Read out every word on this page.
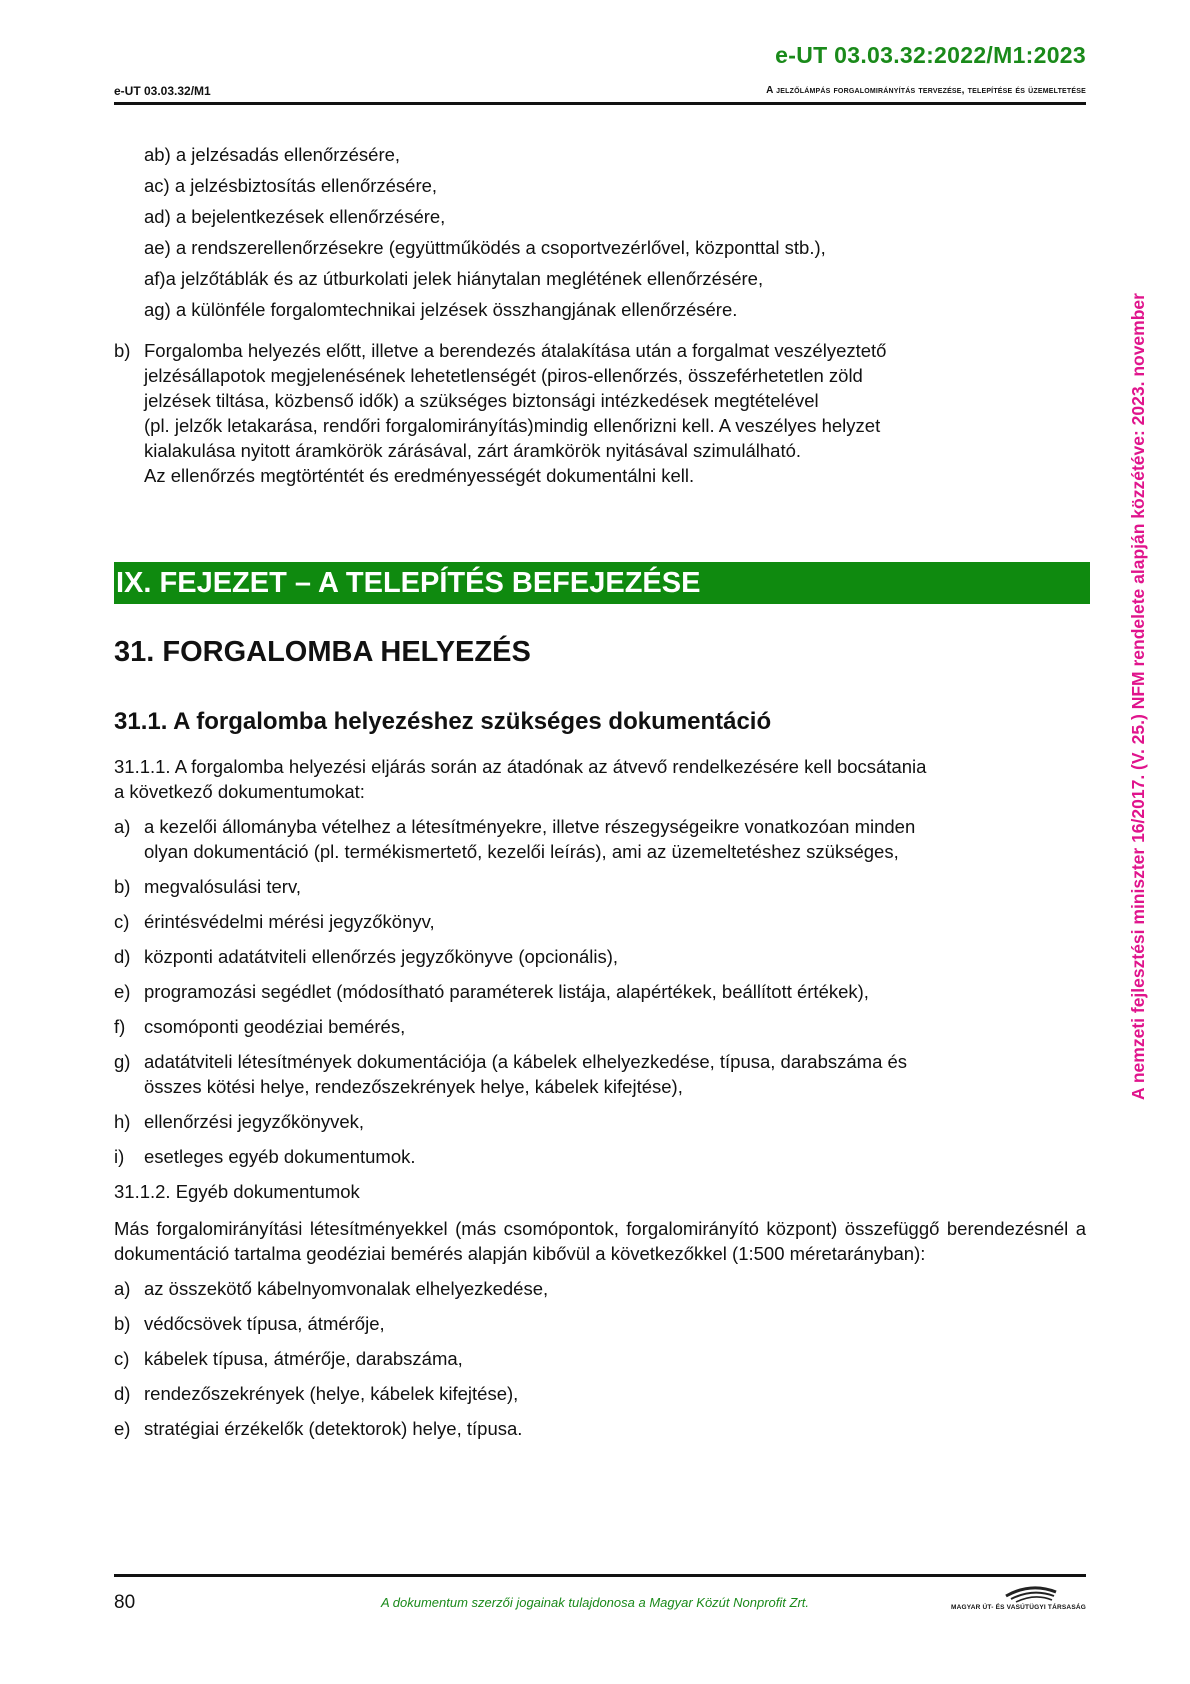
e-UT 03.03.32:2022/M1:2023
e-UT 03.03.32/M1	A jelzőlámpás forgalomirányítás tervezése, telepítése és üzemeltetése
A nemzeti fejlesztési miniszter 16/2017. (V. 25.) NFM rendelete alapján közzétéve: 2023. november
ab) a jelzésadás ellenőrzésére,
ac) a jelzésbiztosítás ellenőrzésére,
ad) a bejelentkezések ellenőrzésére,
ae) a rendszerellenőrzésekre (együttműködés a csoportvezérlővel, központtal stb.),
af)a jelzőtáblák és az útburkolati jelek hiánytalan meglétének ellenőrzésére,
ag) a különféle forgalomtechnikai jelzések összhangjának ellenőrzésére.
b) Forgalomba helyezés előtt, illetve a berendezés átalakítása után a forgalmat veszélyeztető
jelzésállapotok megjelenésének lehetetlenségét (piros-ellenőrzés, összeférhetetlen zöld
jelzések tiltása, közbenső idők) a szükséges biztonsági intézkedések megtételével
(pl. jelzők letakarása, rendőri forgalomirányítás)mindig ellenőrizni kell. A veszélyes helyzet
kialakulása nyitott áramkörök zárásával, zárt áramkörök nyitásával szimulálható.
Az ellenőrzés megtörténtét és eredményességét dokumentálni kell.
IX. FEJEZET – A TELEPÍTÉS BEFEJEZÉSE
31. FORGALOMBA HELYEZÉS
31.1. A forgalomba helyezéshez szükséges dokumentáció
31.1.1. A forgalomba helyezési eljárás során az átadónak az átvevő rendelkezésére kell bocsátania
a következő dokumentumokat:
a) a kezelői állományba vételhez a létesítményekre, illetve részegységeikre vonatkozóan minden
olyan dokumentáció (pl. termékismertető, kezelői leírás), ami az üzemeltetéshez szükséges,
b) megvalósulási terv,
c) érintésvédelmi mérési jegyzőkönyv,
d) központi adatátviteli ellenőrzés jegyzőkönyve (opcionális),
e) programozási segédlet (módosítható paraméterek listája, alapértékek, beállított értékek),
f)	csomóponti geodéziai bemérés,
g) adatátviteli létesítmények dokumentációja (a kábelek elhelyezkedése, típusa, darabszáma és
összes kötési helye, rendezőszekrények helye, kábelek kifejtése),
h) ellenőrzési jegyzőkönyvek,
i)	esetleges egyéb dokumentumok.
31.1.2. Egyéb dokumentumok
Más forgalomirányítási létesítményekkel (más csomópontok, forgalomirányító központ) összefüggő berendezésnél a dokumentáció tartalma geodéziai bemérés alapján kibővül a következőkkel (1:500 méretarányban):
a) az összekötő kábelnyomvonalak elhelyezkedése,
b) védőcsövek típusa, átmérője,
c) kábelek típusa, átmérője, darabszáma,
d) rendezőszekrények (helye, kábelek kifejtése),
e) stratégiai érzékelők (detektorok) helye, típusa.
80	A dokumentum szerzői jogainak tulajdonosa a Magyar Közút Nonprofit Zrt.	MAGYAR ÚT- ÉS VASÚTÜGYI TÁRSASÁG
